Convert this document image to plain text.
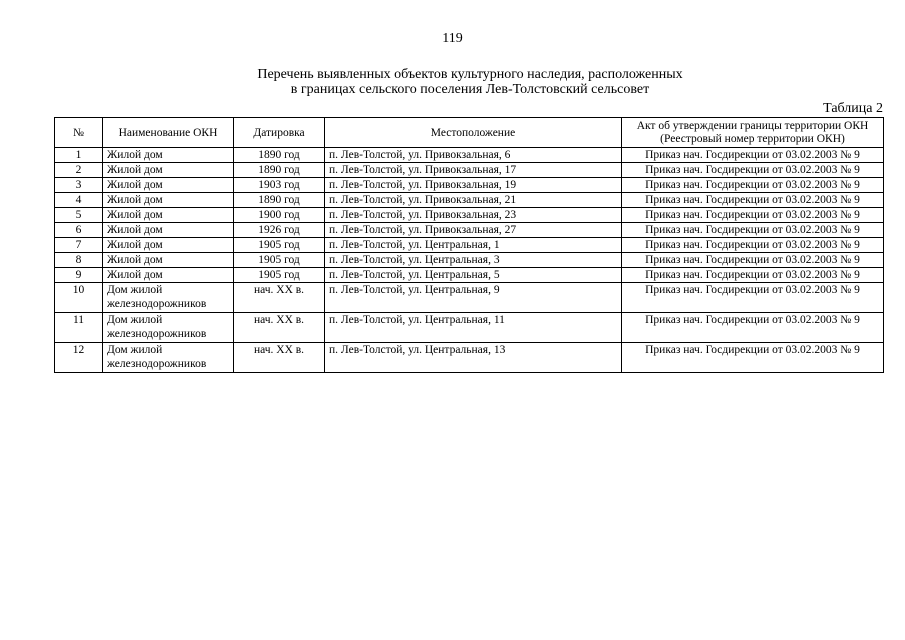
119
Перечень выявленных объектов культурного наследия, расположенных
в границах сельского поселения Лев-Толстовский сельсовет
Таблица 2
№	Наименование ОКН	Датировка	Местоположение	Акт об утверждении границы территории ОКН (Реестровый номер территории ОКН)
1	Жилой дом	1890 год	п. Лев-Толстой, ул. Привокзальная, 6	Приказ нач. Госдирекции от 03.02.2003 № 9
2	Жилой дом	1890 год	п. Лев-Толстой, ул. Привокзальная, 17	Приказ нач. Госдирекции от 03.02.2003 № 9
3	Жилой дом	1903 год	п. Лев-Толстой, ул. Привокзальная, 19	Приказ нач. Госдирекции от 03.02.2003 № 9
4	Жилой дом	1890 год	п. Лев-Толстой, ул. Привокзальная, 21	Приказ нач. Госдирекции от 03.02.2003 № 9
5	Жилой дом	1900 год	п. Лев-Толстой, ул. Привокзальная, 23	Приказ нач. Госдирекции от 03.02.2003 № 9
6	Жилой дом	1926 год	п. Лев-Толстой, ул. Привокзальная, 27	Приказ нач. Госдирекции от 03.02.2003 № 9
7	Жилой дом	1905 год	п. Лев-Толстой, ул. Центральная, 1	Приказ нач. Госдирекции от 03.02.2003 № 9
8	Жилой дом	1905 год	п. Лев-Толстой, ул. Центральная, 3	Приказ нач. Госдирекции от 03.02.2003 № 9
9	Жилой дом	1905 год	п. Лев-Толстой, ул. Центральная, 5	Приказ нач. Госдирекции от 03.02.2003 № 9
10	Дом жилой железнодорожников	нач. XX в.	п. Лев-Толстой, ул. Центральная, 9	Приказ нач. Госдирекции от 03.02.2003 № 9
11	Дом жилой железнодорожников	нач. XX в.	п. Лев-Толстой, ул. Центральная, 11	Приказ нач. Госдирекции от 03.02.2003 № 9
12	Дом жилой железнодорожников	нач. XX в.	п. Лев-Толстой, ул. Центральная, 13	Приказ нач. Госдирекции от 03.02.2003 № 9
